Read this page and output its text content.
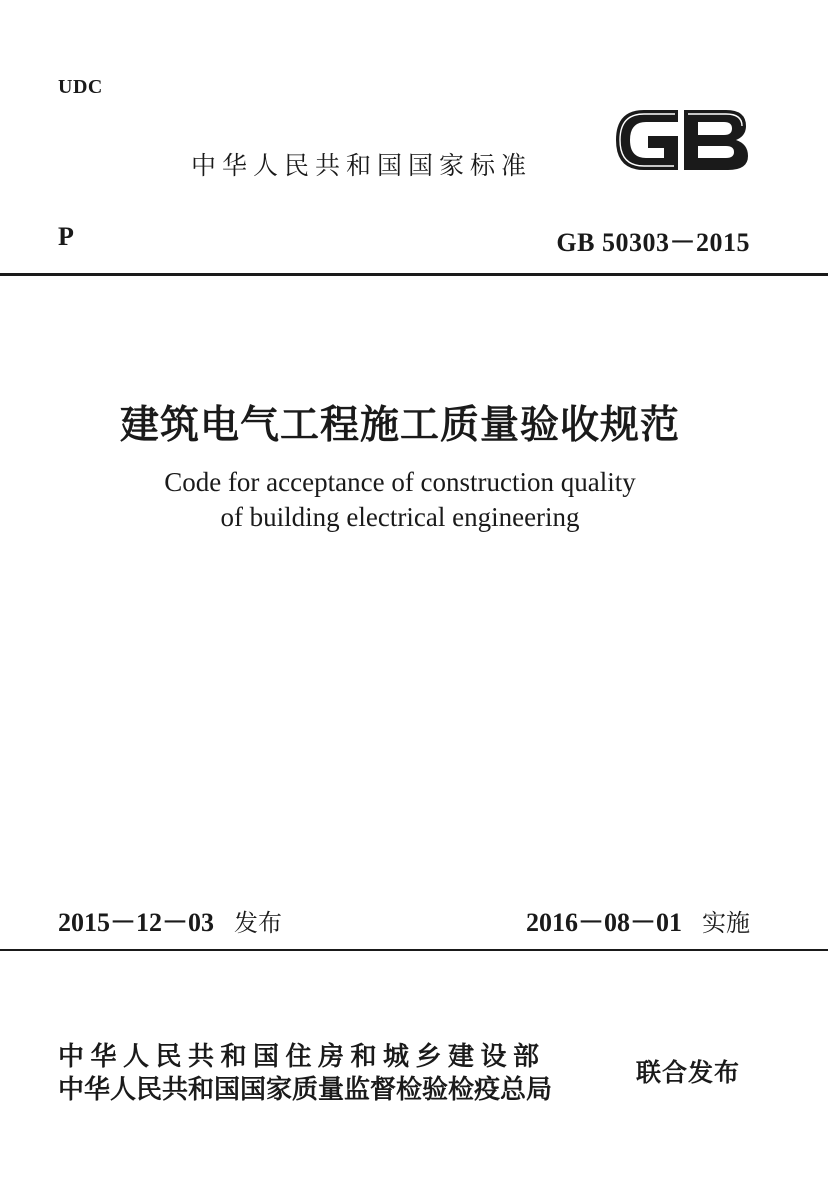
UDC
中华人民共和国国家标准
P	GB 50303－2015
建筑电气工程施工质量验收规范
Code for acceptance of construction quality
of building electrical engineering
2015－12－03 发布	2016－08－01 实施
中华人民共和国住房和城乡建设部
中华人民共和国国家质量监督检验检疫总局
联合发布
